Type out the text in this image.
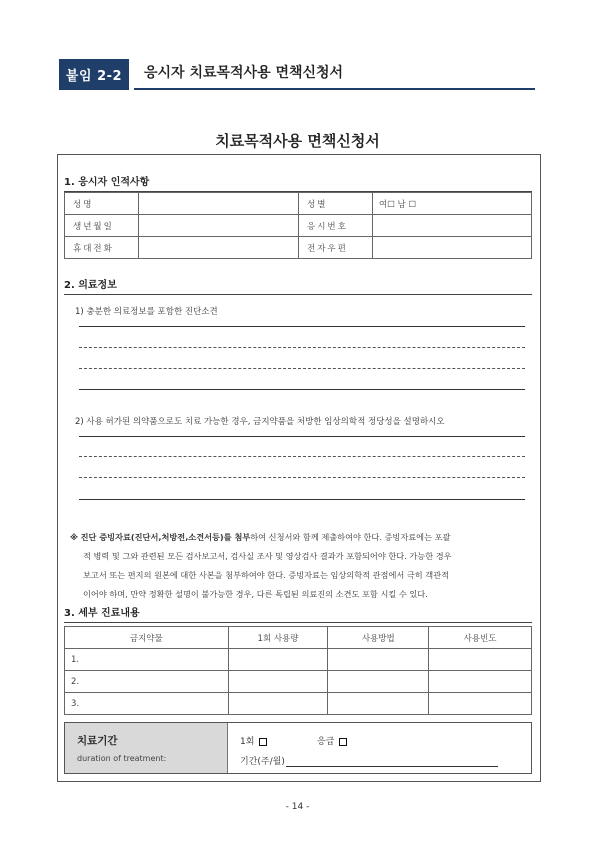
붙임 2-2	응시자 치료목적사용 면책신청서
치료목적사용 면책신청서
1. 응시자 인적사항
성명		성별	여☐ 남 ☐
생년월일		응시번호	
휴대전화		전자우편	
2. 의료정보
1) 충분한 의료정보를 포함한 진단소견
2) 사용 허가된 의약품으로도 치료 가능한 경우, 금지약품을 처방한 임상의학적 정당성을 설명하시오
※ 진단 증빙자료(진단서,처방전,소견서등)를 첨부하여 신청서와 함께 제출하여야 한다. 증빙자료에는 포괄
적 병력 및 그와 관련된 모든 검사보고서, 검사실 조사 및 영상검사 결과가 포함되어야 한다. 가능한 경우
보고서 또는 편지의 원본에 대한 사본을 첨부하여야 한다. 증빙자료는 임상의학적 관점에서 극히 객관적
이어야 하며, 만약 정확한 설명이 불가능한 경우, 다른 독립된 의료진의 소견도 포함 시킬 수 있다.
3. 세부 진료내용
금지약물	1회 사용량	사용방법	사용빈도
1.			
2.			
3.			
치료기간
duration of treatment:
1회	응급
기간(주/월)
- 14 -
